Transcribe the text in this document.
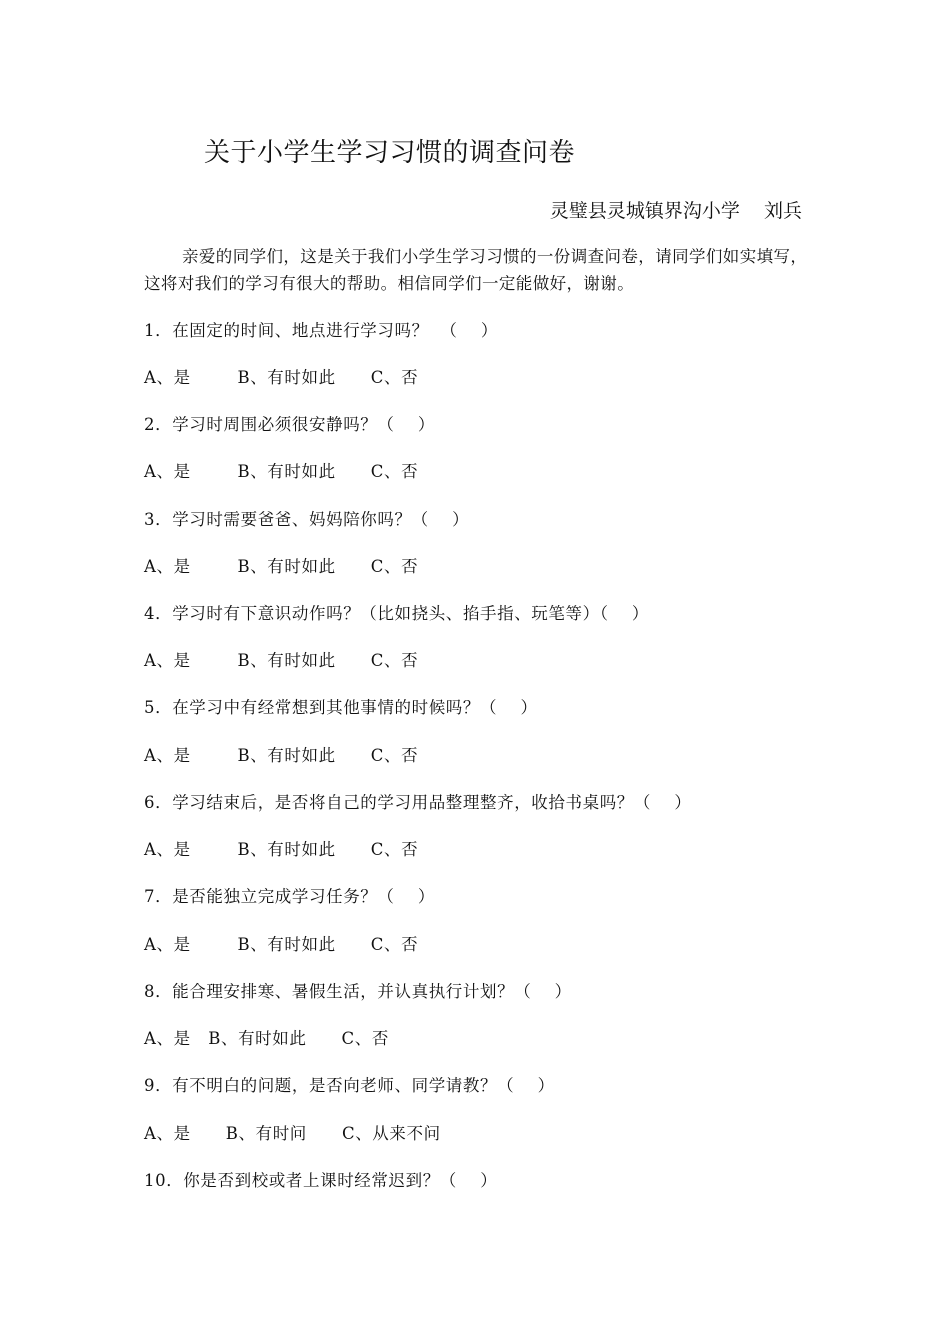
关于小学生学习习惯的调查问卷
灵璧县灵城镇界沟小学    刘兵
亲爱的同学们，这是关于我们小学生学习习惯的一份调查问卷，请同学们如实填写，这将对我们的学习有很大的帮助。相信同学们一定能做好，谢谢。
1．在固定的时间、地点进行学习吗？  （    ）
A、是        B、有时如此      C、否
2．学习时周围必须很安静吗？（    ）
A、是        B、有时如此      C、否
3．学习时需要爸爸、妈妈陪你吗？（    ）
A、是        B、有时如此      C、否
4．学习时有下意识动作吗？（比如挠头、掐手指、玩笔等）（    ）
A、是        B、有时如此      C、否
5．在学习中有经常想到其他事情的时候吗？（    ）
A、是        B、有时如此      C、否
6．学习结束后，是否将自己的学习用品整理整齐，收拾书桌吗？（    ）
A、是        B、有时如此      C、否
7．是否能独立完成学习任务？（    ）
A、是        B、有时如此      C、否
8．能合理安排寒、暑假生活，并认真执行计划？（    ）
A、是   B、有时如此      C、否
9．有不明白的问题，是否向老师、同学请教？（    ）
A、是      B、有时问      C、从来不问
10．你是否到校或者上课时经常迟到？（    ）
